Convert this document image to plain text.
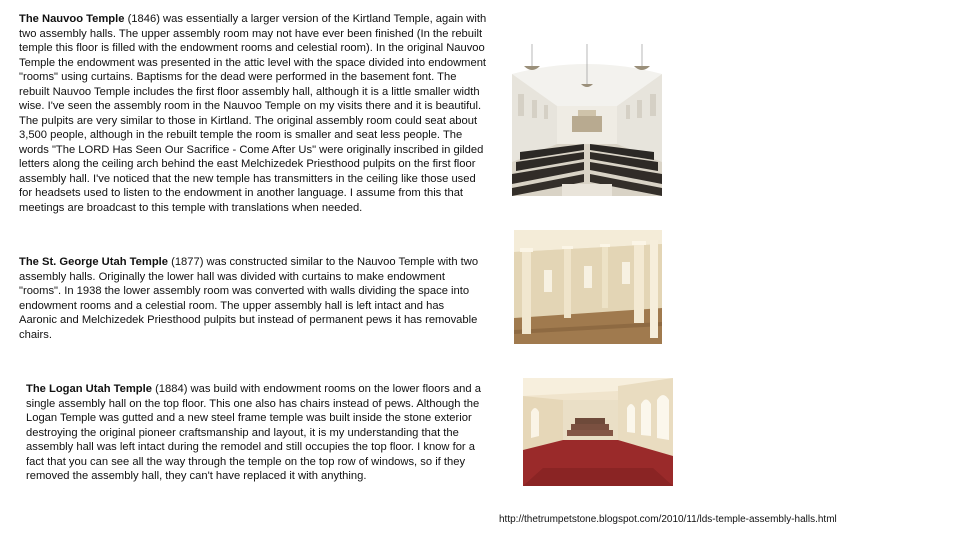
The Nauvoo Temple (1846) was essentially a larger version of the Kirtland Temple, again with two assembly halls. The upper assembly room may not have ever been finished (In the rebuilt temple this floor is filled with the endowment rooms and celestial room). In the original Nauvoo Temple the endowment was presented in the attic level with the space divided into endowment "rooms" using curtains. Baptisms for the dead were performed in the basement font. The rebuilt Nauvoo Temple includes the first floor assembly hall, although it is a little smaller width wise. I've seen the assembly room in the Nauvoo Temple on my visits there and it is beautiful. The pulpits are very similar to those in Kirtland. The original assembly room could seat about 3,500 people, although in the rebuilt temple the room is smaller and seat less people. The words "The LORD Has Seen Our Sacrifice - Come After Us" were originally inscribed in gilded letters along the ceiling arch behind the east Melchizedek Priesthood pulpits on the first floor assembly hall. I've noticed that the new temple has transmitters in the ceiling like those used for headsets used to listen to the endowment in another language. I assume from this that meetings are broadcast to this temple with translations when needed.

The St. George Utah Temple (1877) was constructed similar to the Nauvoo Temple with two assembly halls. Originally the lower hall was divided with curtains to make endowment "rooms". In 1938 the lower assembly room was converted with walls dividing the space into endowment rooms and a celestial room. The upper assembly hall is left intact and has Aaronic and Melchizedek Priesthood pulpits but instead of permanent pews it has removable chairs.

The Logan Utah Temple (1884) was build with endowment rooms on the lower floors and a single assembly hall on the top floor. This one also has chairs instead of pews. Although the Logan Temple was gutted and a new steel frame temple was built inside the stone exterior destroying the original pioneer craftsmanship and layout, it is my understanding that the assembly hall was left intact during the remodel and still occupies the top floor. I know for a fact that you can see all the way through the temple on the top row of windows, so if they removed the assembly hall, they can't have replaced it with anything.

http://thetrumpetstone.blogspot.com/2010/11/lds-temple-assembly-halls.html
